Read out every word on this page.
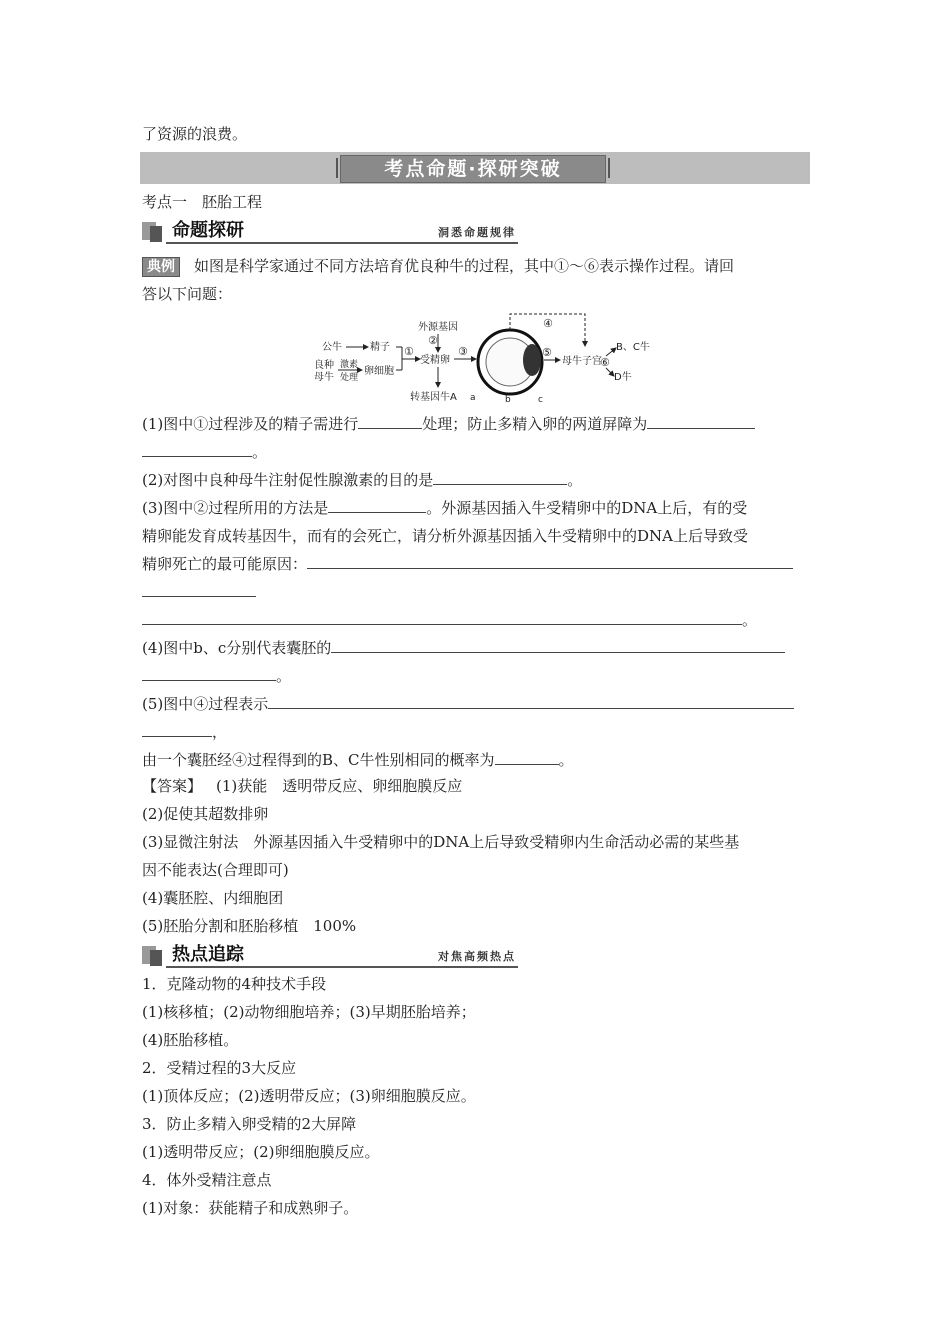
了资源的浪费。
考点命题·探研突破
考点一　胚胎工程
命题探研	洞悉命题规律
典例 如图是科学家通过不同方法培育优良种牛的过程，其中①～⑥表示操作过程。请回
答以下问题：
公牛	精子
良种
母牛
激素
处理
卵细胞
①
外源基因
②
受精卵
转基因牛A
③
a	b	c
④
⑤
母牛子宫
B、C牛
⑥
D牛
(1)图中①过程涉及的精子需进行	处理；防止多精入卵的两道屏障为
。
(2)对图中良种母牛注射促性腺激素的目的是	。
(3)图中②过程所用的方法是	。外源基因插入牛受精卵中的DNA上后，有的受
精卵能发育成转基因牛，而有的会死亡，请分析外源基因插入牛受精卵中的DNA上后导致受
精卵死亡的最可能原因：
。
(4)图中b、c分别代表囊胚的
。
(5)图中④过程表示
，
由一个囊胚经④过程得到的B、C牛性别相同的概率为	。
【答案】 (1)获能　透明带反应、卵细胞膜反应
(2)促使其超数排卵
(3)显微注射法　外源基因插入牛受精卵中的DNA上后导致受精卵内生命活动必需的某些基
因不能表达(合理即可)
(4)囊胚腔、内细胞团
(5)胚胎分割和胚胎移植　100%
热点追踪	对焦高频热点
1．克隆动物的4种技术手段
(1)核移植；(2)动物细胞培养；(3)早期胚胎培养；
(4)胚胎移植。
2．受精过程的3大反应
(1)顶体反应；(2)透明带反应；(3)卵细胞膜反应。
3．防止多精入卵受精的2大屏障
(1)透明带反应；(2)卵细胞膜反应。
4．体外受精注意点
(1)对象：获能精子和成熟卵子。
